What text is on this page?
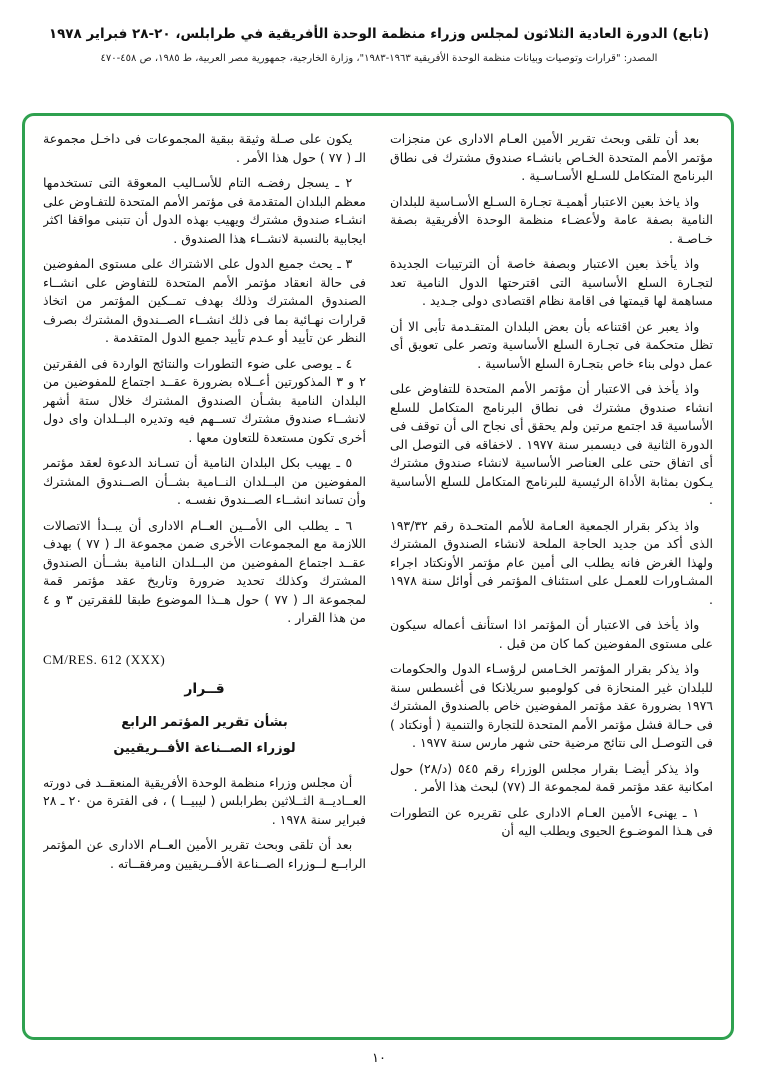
(تابع) الدورة العادية الثلاثون لمجلس وزراء منظمة الوحدة الأفريقية في طرابلس، ٢٠-٢٨ فبراير ١٩٧٨
المصدر: "قرارات وتوصيات وبيانات منظمة الوحدة الأفريقية ١٩٦٣-١٩٨٣"، وزارة الخارجية، جمهورية مصر العربية، ط ١٩٨٥، ص ٤٥٨-٤٧٠

بعد أن تلقى وبحث تقرير الأمين العـام الادارى عن منجزات مؤتمر الأمم المتحدة الخـاص بانشـاء صندوق مشترك فى نطاق البرنامج المتكامل للسـلع الأسـاسـية .

واذ ياخذ بعين الاعتبار أهميـة تجـارة السـلع الأسـاسية للبلدان النامية بصفة عامة ولأعضـاء منظمة الوحدة الأفريقية بصفة خـاصـة .

واذ يأخذ بعين الاعتبار وبصفة خاصة أن الترتيبات الجديدة لتجـارة السلع الأساسية التى اقترحتها الدول النامية تعد مساهمة لها قيمتها فى اقامة نظام اقتصادى دولى جـديد .

واذ يعبر عن اقتناعه بأن بعض البلدان المتقـدمة تأبى الا أن تظل متحكمة فى تجـارة السلع الأساسية وتصر على تعويق أى عمل دولى بناء خاص بتجـارة السلع الأساسية .

واذ يأخذ فى الاعتبار أن مؤتمر الأمم المتحدة للتفاوض على انشاء صندوق مشترك فى نطاق البرنامج المتكامل للسلع الأساسية قد اجتمع مرتين ولم يحقق أى نجاح الى أن توقف فى الدورة الثانية فى ديسمبر سنة ١٩٧٧ . لاخفاقه فى التوصل الى أى اتفاق حتى على العناصر الأساسية لانشاء صندوق مشترك يـكون بمثابة الأداة الرئيسية للبرنامج المتكامل للسلع الأساسية .

واذ يذكر بقرار الجمعية العـامة للأمم المتحـدة رقم ١٩٣/٣٢ الذى أكد من جديد الحاجة الملحة لانشاء الصندوق المشترك ولهذا الغرض فانه يطلب الى أمين عام مؤتمر الأونكتاد اجراء المشـاورات للعمـل على استئناف المؤتمر فى أوائل سنة ١٩٧٨ .

واذ يأخذ فى الاعتبار أن المؤتمر اذا استأنف أعماله سيكون على مستوى المفوضين كما كان من قبل .

واذ يذكر بقرار المؤتمر الخـامس لرؤسـاء الدول والحكومات للبلدان غير المنحازة فى كولومبو سريلانكا فى أغسطس سنة ١٩٧٦ بضرورة عقد مؤتمر المفوضين خاص بالصندوق المشترك فى حـالة فشل مؤتمر الأمم المتحدة للتجارة والتنمية ( أونكتاد ) فى التوصـل الى نتائج مرضية حتى شهر مارس سنة ١٩٧٧ .

واذ يذكر أيضـا بقرار مجلس الوزراء رقم ٥٤٥ (د/٢٨) حول امكانية عقد مؤتمر قمة لمجموعة الـ (٧٧) لبحث هذا الأمر .

١ ـ يهنىء الأمين العـام الادارى على تقريره عن التطورات فى هـذا الموضـوع الحيوى ويطلب اليه أن

يكون على صـلة وثيقة ببقية المجموعات فى داخـل مجموعة الـ ( ٧٧ ) حول هذا الأمر .

٢ ـ يسجل رفضـه التام للأسـاليب المعوقة التى تستخدمها معظم البلدان المتقدمة فى مؤتمر الأمم المتحدة للتفـاوض على انشـاء صندوق مشترك ويهيب بهذه الدول أن تتبنى مواقفا اكثر ايجابية بالنسبة لانشــاء هذا الصندوق .

٣ ـ يحث جميع الدول على الاشتراك على مستوى المفوضين فى حالة انعقاد مؤتمر الأمم المتحدة للتفاوض على انشــاء الصندوق المشترك وذلك بهدف تمــكين المؤتمر من اتخاذ قرارات نهـائية بما فى ذلك انشــاء الصــندوق المشترك بصرف النظر عن تأييد أو عـدم تأييد جميع الدول المتقدمة .

٤ ـ يوصى على ضوء التطورات والنتائج الواردة فى الفقرتين ٢ و ٣ المذكورتين أعــلاه بضرورة عقــد اجتماع للمفوضين من البلدان النامية بشـأن الصندوق المشترك خلال ستة أشهر لانشــاء صندوق مشترك تســهم فيه وتديره البــلدان واى دول أخرى تكون مستعدة للتعاون معها .

٥ ـ يهيب بكل البلدان النامية أن تسـاند الدعوة لعقد مؤتمر المفوضين من البــلدان النــامية بشــأن الصــندوق المشترك وأن تساند انشــاء الصــندوق نفسـه .

٦ ـ يطلب الى الأمــين العــام الادارى أن يبــدأ الاتصالات اللازمة مع المجموعات الأخرى ضمن مجموعة الـ ( ٧٧ ) بهدف عقــد اجتماع المفوضين من البــلدان النامية بشــأن الصندوق المشترك وكذلك تحديد ضرورة وتاريخ عقد مؤتمر قمة لمجموعة الـ ( ٧٧ ) حول هــذا الموضوع طبقا للفقرتين ٣ و ٤ من هذا القرار .

CM/RES. 612 (XXX)

قــرار
بشأن تقرير المؤتمر الرابع
لوزراء الصــناعة الأفــريقيين

أن مجلس وزراء منظمة الوحدة الأفريقية المنعقــد فى دورته العــاديــة الثــلاثين بطرابلس ( ليبيــا ) ، فى الفترة من ٢٠ ـ ٢٨ فبراير سنة ١٩٧٨ .

بعد أن تلقى وبحث تقرير الأمين العــام الادارى عن المؤتمر الرابــع لــوزراء الصــناعة الأفــريقيين ومرفقــاته .

١٠
